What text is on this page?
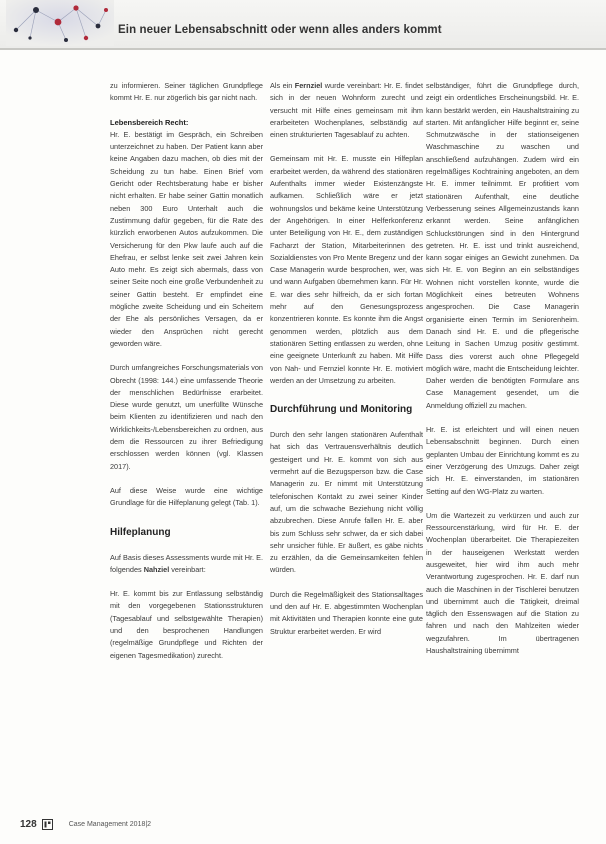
Ein neuer Lebensabschnitt oder wenn alles anders kommt

zu informieren. Seiner täglichen Grundpflege kommt Hr. E. nur zögerlich bis gar nicht nach.

Lebensbereich Recht:

Hr. E. bestätigt im Gespräch, ein Schreiben unterzeichnet zu haben. Der Patient kann aber keine Angaben dazu machen, ob dies mit der Scheidung zu tun habe. Einen Brief vom Gericht oder Rechtsberatung habe er bisher nicht erhalten. Er habe seiner Gattin monatlich neben 300 Euro Unterhalt auch die Zustimmung dafür gegeben, für die Rate des kürzlich erworbenen Autos aufzukommen. Die Versicherung für den Pkw laufe auch auf die Ehefrau, er selbst lenke seit zwei Jahren kein Auto mehr. Es zeigt sich abermals, dass von seiner Seite noch eine große Verbundenheit zu seiner Gattin besteht. Er empfindet eine mögliche zweite Scheidung und ein Scheitern der Ehe als persönliches Versagen, da er wieder den Ansprüchen nicht gerecht geworden wäre.

Durch umfangreiches Forschungsmaterials von Obrecht (1998: 144.) eine umfassende Theorie der menschlichen Bedürfnisse erarbeitet. Diese wurde genutzt, um unerfüllte Wünsche beim Klienten zu identifizieren und nach den Wirklichkeits-/Lebensbereichen zu ordnen, aus dem die Ressourcen zu ihrer Befriedigung erschlossen werden können (vgl. Klassen 2017).

Auf diese Weise wurde eine wichtige Grundlage für die Hilfeplanung gelegt (Tab. 1).

Hilfeplanung

Auf Basis dieses Assessments wurde mit Hr. E. folgendes Nahziel vereinbart:

Hr. E. kommt bis zur Entlassung selbständig mit den vorgegebenen Stationsstrukturen (Tagesablauf und selbstgewählte Therapien) und den besprochenen Handlungen (regelmäßige Grundpflege und Richten der eigenen Tagesmedikation) zurecht.

Als ein Fernziel wurde vereinbart: Hr. E. findet sich in der neuen Wohnform zurecht und versucht mit Hilfe eines gemeinsam mit ihm erarbeiteten Wochenplanes, selbständig auf einen strukturierten Tagesablauf zu achten.

Gemeinsam mit Hr. E. musste ein Hilfeplan erarbeitet werden, da während des stationären Aufenthalts immer wieder Existenzängste aufkamen. Schließlich wäre er jetzt wohnungslos und bekäme keine Unterstützung der Angehörigen. In einer Helferkonferenz unter Beteiligung von Hr. E., dem zuständigen Facharzt der Station, Mitarbeiterinnen des Sozialdienstes von Pro Mente Bregenz und der Case Managerin wurde besprochen, wer, was und wann Aufgaben übernehmen kann. Für Hr. E. war dies sehr hilfreich, da er sich fortan mehr auf den Genesungsprozess konzentrieren konnte. Es konnte ihm die Angst genommen werden, plötzlich aus dem stationären Setting entlassen zu werden, ohne eine geeignete Unterkunft zu haben. Mit Hilfe von Nah- und Fernziel konnte Hr. E. motiviert werden an der Umsetzung zu arbeiten.

Durchführung und Monitoring

Durch den sehr langen stationären Aufenthalt hat sich das Vertrauensverhältnis deutlich gesteigert und Hr. E. kommt von sich aus vermehrt auf die Bezugsperson bzw. die Case Managerin zu. Er nimmt mit Unterstützung telefonischen Kontakt zu zwei seiner Kinder auf, um die schwache Beziehung nicht völlig abzubrechen. Diese Anrufe fallen Hr. E. aber bis zum Schluss sehr schwer, da er sich dabei sehr unsicher fühle. Er äußert, es gäbe nichts zu erzählen, da die Gemeinsamkeiten fehlen würden.

Durch die Regelmäßigkeit des Stationsalltages und den auf Hr. E. abgestimmten Wochenplan mit Aktivitäten und Therapien konnte eine gute Struktur erarbeitet werden. Er wird

selbständiger, führt die Grundpflege durch, zeigt ein ordentliches Erscheinungsbild. Hr. E. kann bestärkt werden, ein Haushaltstraining zu starten. Mit anfänglicher Hilfe beginnt er, seine Schmutzwäsche in der stationseigenen Waschmaschine zu waschen und anschließend aufzuhängen. Zudem wird ein regelmäßiges Kochtraining angeboten, an dem Hr. E. immer teilnimmt. Er profitiert vom stationären Aufenthalt, eine deutliche Verbesserung seines Allgemeinzustands kann erkannt werden. Seine anfänglichen Schluckstörungen sind in den Hintergrund getreten. Hr. E. isst und trinkt ausreichend, kann sogar einiges an Gewicht zunehmen. Da sich Hr. E. von Beginn an ein selbständiges Wohnen nicht vorstellen konnte, wurde die Möglichkeit eines betreuten Wohnens angesprochen. Die Case Managerin organisierte einen Termin im Seniorenheim. Danach sind Hr. E. und die pflegerische Leitung in Sachen Umzug positiv gestimmt. Dass dies vorerst auch ohne Pflegegeld möglich wäre, macht die Entscheidung leichter. Daher werden die benötigten Formulare ans Case Management gesendet, um die Anmeldung offiziell zu machen.

Hr. E. ist erleichtert und will einen neuen Lebensabschnitt beginnen. Durch einen geplanten Umbau der Einrichtung kommt es zu einer Verzögerung des Umzugs. Daher zeigt sich Hr. E. einverstanden, im stationären Setting auf den WG-Platz zu warten.

Um die Wartezeit zu verkürzen und auch zur Ressourcenstärkung, wird für Hr. E. der Wochenplan überarbeitet. Die Therapiezeiten in der hauseigenen Werkstatt werden ausgeweitet, hier wird ihm auch mehr Verantwortung zugesprochen. Hr. E. darf nun auch die Maschinen in der Tischlerei benutzen und übernimmt auch die Tätigkeit, dreimal täglich den Essenswagen auf die Station zu fahren und nach den Mahlzeiten wieder wegzufahren. Im übertragenen Haushaltstraining übernimmt

128	Case Management 2018|2
